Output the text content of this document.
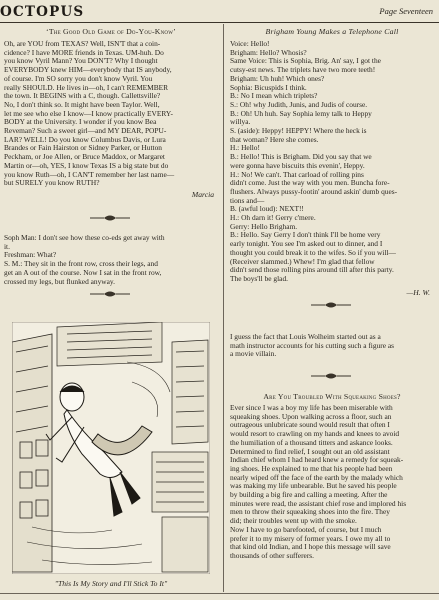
OCTOPUS	Page Seventeen
‘The Good Old Game of Do-You-Know’

Oh, are YOU from TEXAS? Well, ISN'T that a coin-
cidence? I have MORE friends in Texas. UM-huh. Do
you know Vyril Mann? You DON'T? Why I thought
EVERYBODY knew HIM—everybody that IS anybody,
of course. I'm SO sorry you don't know Vyril. You
really SHOULD. He lives in—oh, I can't REMEMBER
the town. It BEGINS with a C, though. Callettsville?
No, I don't think so. It might have been Taylor. Well,
let me see who else I know—I know practically EVERY-
BODY at the University. I wonder if you know Bea
Reveman? Such a sweet girl—and MY DEAR, POPU-
LAR? WELL! Do you know Columbus Davis, or Lura
Brandes or Fain Hairston or Sidney Parker, or Hutton
Peckham, or Joe Allen, or Bruce Maddox, or Margaret
Martin or—oh, YES, I know Texas IS a big state but do
you know Ruth—oh, I CAN'T remember her last name—
but SURELY you know RUTH?

Marcia

Soph Man: I don't see how these co-eds get away with
it.
Freshman: What?
S. M.: They sit in the front row, cross their legs, and
get an A out of the course. Now I sat in the front row,
crossed my legs, but flunked anyway.

"This Is My Story and I'll Stick To It"
Brigham Young Makes a Telephone Call

Voice: Hello!
Brigham: Hello? Whosis?
Same Voice: This is Sophia, Brig. An' say, I got the
cutsy-est news. The triplets have two more teeth!
Brigham: Uh huh! Which ones?
Sophia: Bicuspids I think.
B.: No I mean which triplets?
S.: Oh! why Judith, Junis, and Judis of course.
B.: Oh! Uh huh. Say Sophia lemy talk to Heppy
willya.
S. (aside): Heppy! HEPPY! Where the heck is
that woman? Here she comes.
H.: Hello!
B.: Hello! This is Brigham. Did you say that we
were gonna have biscuits this evenin', Heppy.
H.: No! We can't. That carload of rolling pins
didn't come. Just the way with you men. Buncha fore-
flushers. Always pussy-footin' around askin' dumb ques-
tions and—
B. (awful loud): NEXT!!
H.: Oh darn it! Gerry c'mere.
Gerry: Hello Brigham.
B.: Hello. Say Gerry I don't think I'll be home very
early tonight. You see I'm asked out to dinner, and I
thought you could break it to the wifes. So if you will—
(Receiver slammed.) Whew! I'm glad that fellow
didn't send those rolling pins around till after this party.
The boys'll be glad.

—H. W.

I guess the fact that Louis Wolheim started out as a
math instructor accounts for his cutting such a figure as
a movie villain.

Are You Troubled With Squeaking Shoes?

Ever since I was a boy my life has been miserable with
squeaking shoes. Upon walking across a floor, such an
outrageous unlubricate sound would result that often I
would resort to crawling on my hands and knees to avoid
the humiliation of a thousand titters and askance looks.
Determined to find relief, I sought out an old assistant
Indian chief whom I had heard knew a remedy for squeak-
ing shoes. He explained to me that his people had been
nearly wiped off the face of the earth by the malady which
was making my life unbearable. But he saved his people
by building a big fire and calling a meeting. After the
minutes were read, the assistant chief rose and implored his
men to throw their squeaking shoes into the fire. They
did; their troubles went up with the smoke.
Now I have to go barefooted, of course, but I much
prefer it to my misery of former years. I owe my all to
that kind old Indian, and I hope this message will save
thousands of other sufferers.
